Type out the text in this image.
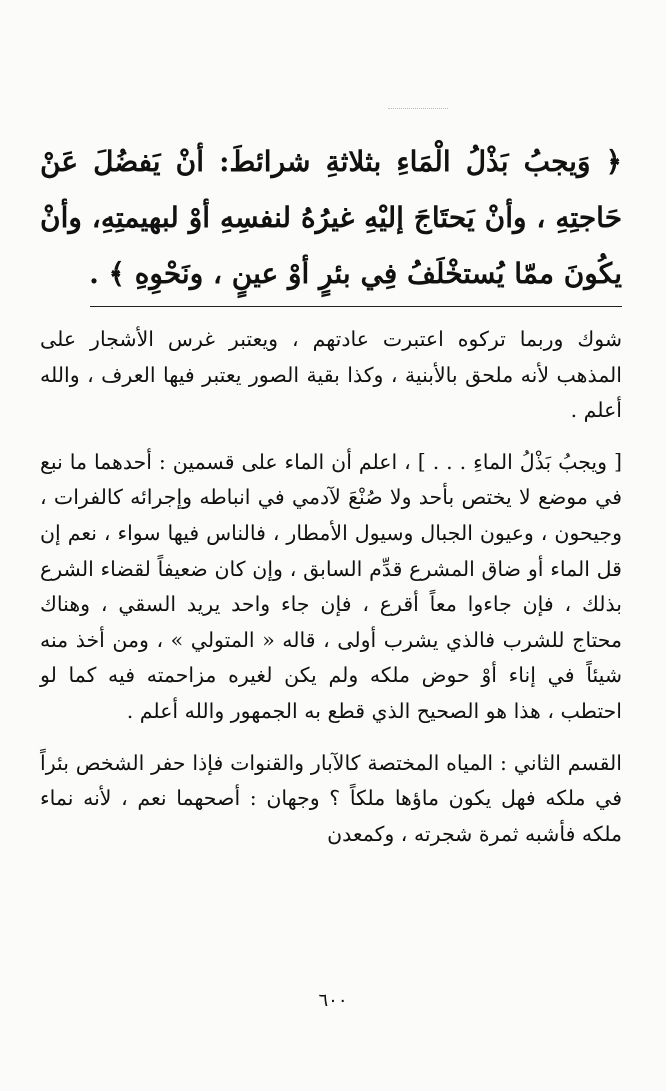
﴿ وَيجبُ بَذْلُ الْمَاءِ بثلاثةِ شرائطَ: أنْ يَفضُلَ عَنْ حَاجتِهِ ، وأنْ يَحتَاجَ إليْهِ غيرُهُ لنفسِهِ أوْ لبهيمتِهِ، وأنْ يكُونَ ممّا يُستخْلَفُ فِي بئرٍ أوْ عينٍ ، ونَحْوِهِ ﴾ .

شوك وربما تركوه اعتبرت عادتهم ، ويعتبر غرس الأشجار على المذهب لأنه ملحق بالأبنية ، وكذا بقية الصور يعتبر فيها العرف ، والله أعلم .

[ ويجبُ بَذْلُ الماءِ . . . ] ، اعلم أن الماء على قسمين : أحدهما ما نبع في موضع لا يختص بأحد ولا صُنْعَ لآدمي في انباطه وإجرائه كالفرات ، وجيحون ، وعيون الجبال وسيول الأمطار ، فالناس فيها سواء ، نعم إن قل الماء أو ضاق المشرع قدِّم السابق ، وإن كان ضعيفاً لقضاء الشرع بذلك ، فإن جاءوا معاً أقرع ، فإن جاء واحد يريد السقي ، وهناك محتاج للشرب فالذي يشرب أولى ، قاله « المتولي » ، ومن أخذ منه شيئاً في إناء أوْ حوض ملكه ولم يكن لغيره مزاحمته فيه كما لو احتطب ، هذا هو الصحيح الذي قطع به الجمهور والله أعلم .

القسم الثاني : المياه المختصة كالآبار والقنوات فإذا حفر الشخص بئراً في ملكه فهل يكون ماؤها ملكاً ؟ وجهان : أصحهما نعم ، لأنه نماء ملكه فأشبه ثمرة شجرته ، وكمعدن

٦٠٠
